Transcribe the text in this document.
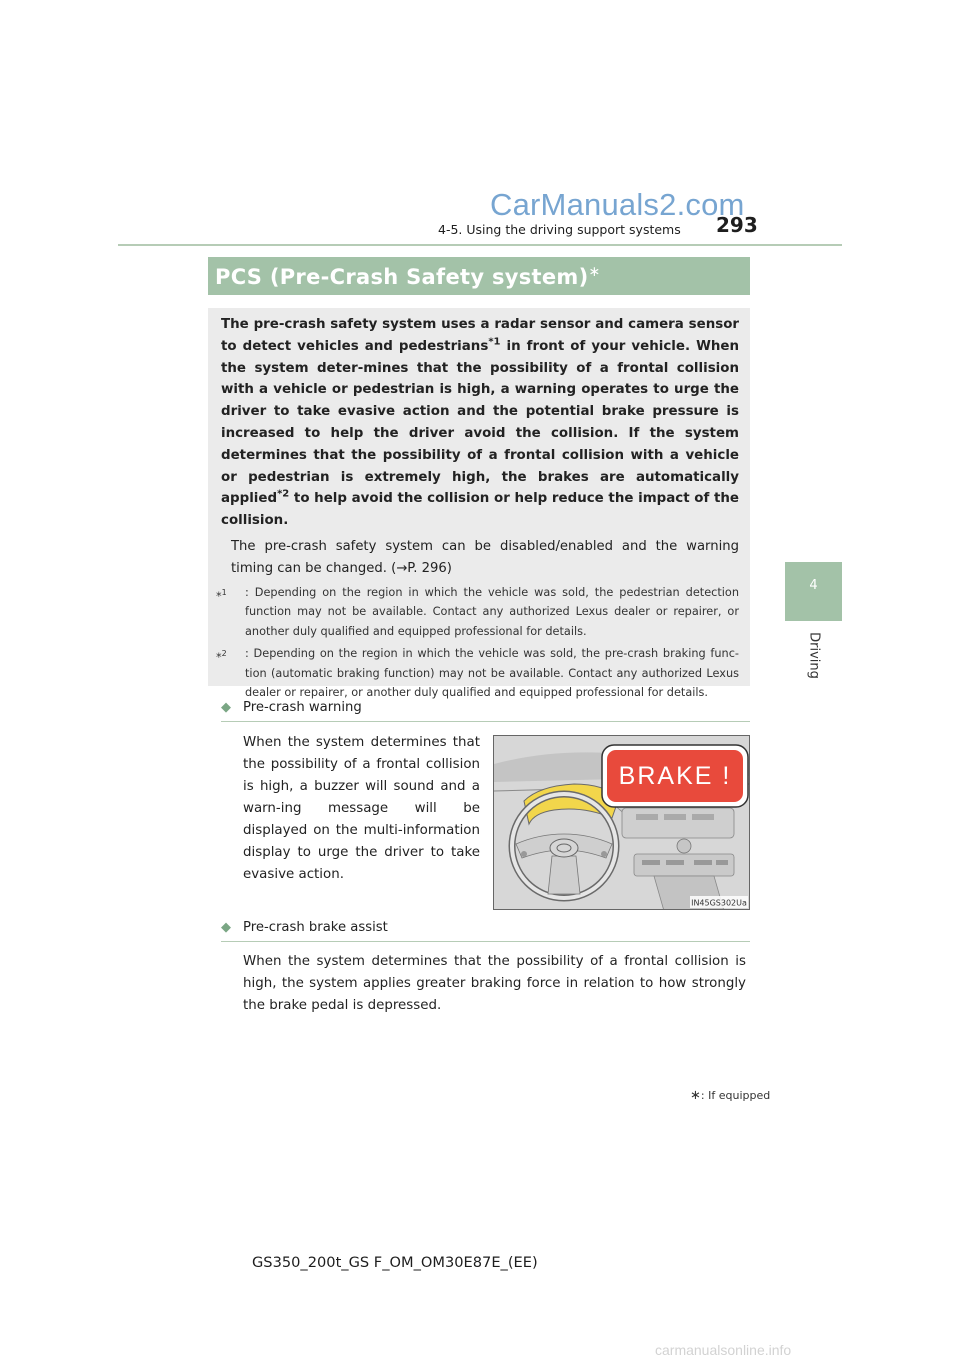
CarManuals2.com
4-5. Using the driving support systems 293
4
Driving
PCS (Pre-Crash Safety system)∗

The pre-crash safety system uses a radar sensor and camera sensor to detect vehicles and pedestrians$^{*1}$ in front of your vehicle. When the system deter-mines that the possibility of a frontal collision with a vehicle or pedestrian is high, a warning operates to urge the driver to take evasive action and the potential brake pressure is increased to help the driver avoid the collision. If the system determines that the possibility of a frontal collision with a vehicle or pedestrian is extremely high, the brakes are automatically applied$^{*2}$ to help avoid the collision or help reduce the impact of the collision.

The pre-crash safety system can be disabled/enabled and the warning timing can be changed. (→P. 296)

*$^1$ : Depending on the region in which the vehicle was sold, the pedestrian detection function may not be available. Contact any authorized Lexus dealer or repairer, or another duly qualified and equipped professional for details.
*$^2$ : Depending on the region in which the vehicle was sold, the pre-crash braking func-tion (automatic braking function) may not be available. Contact any authorized Lexus dealer or repairer, or another duly qualified and equipped professional for details.
◆ Pre-crash warning

When the system determines that the possibility of a frontal collision is high, a buzzer will sound and a warn-ing message will be displayed on the multi-information display to urge the driver to take evasive action.

BRAKE !
IN45GS302Ua
◆ Pre-crash brake assist

When the system determines that the possibility of a frontal collision is high, the system applies greater braking force in relation to how strongly the brake pedal is depressed.

∗: If equipped
GS350_200t_GS F_OM_OM30E87E_(EE)
carmanualsonline.info
